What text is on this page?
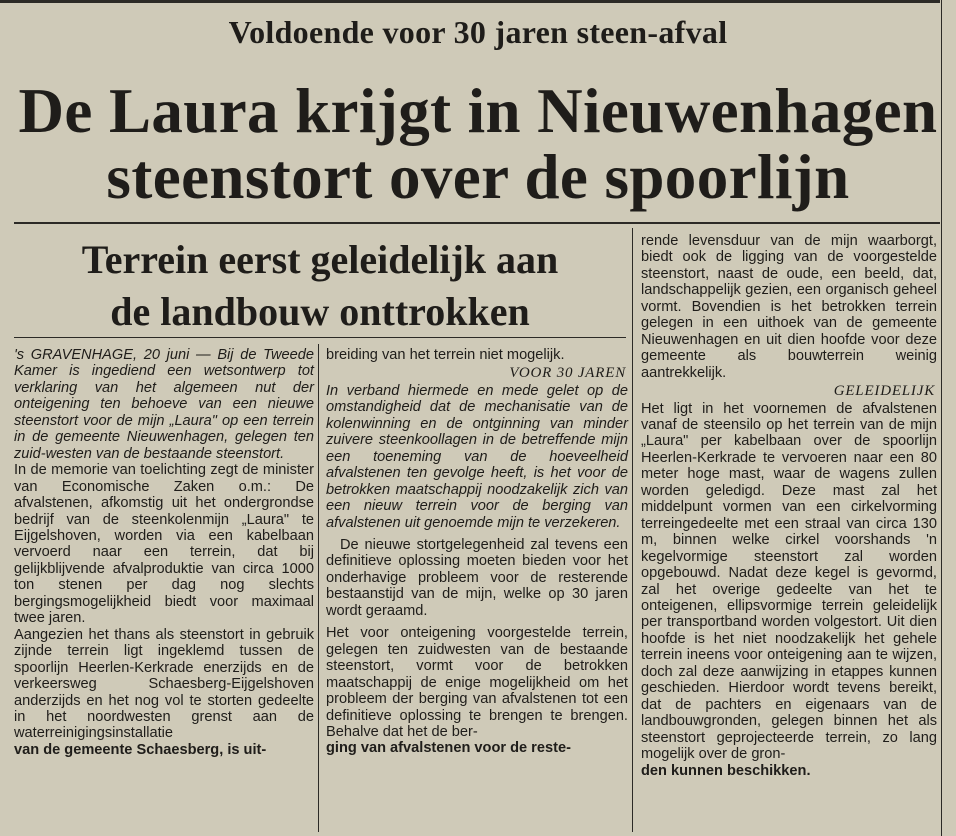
Voldoende voor 30 jaren steen-afval
De Laura krijgt in Nieuwenhagen
steenstort over de spoorlijn
Terrein eerst geleidelijk aan
de landbouw onttrokken

's GRAVENHAGE, 20 juni — Bij de Tweede Kamer is ingediend een wetsontwerp tot verklaring van het algemeen nut der onteigening ten behoeve van een nieuwe steenstort voor de mijn „Laura" op een terrein in de gemeente Nieuwenhagen, gelegen ten zuid-westen van de bestaande steenstort.

In de memorie van toelichting zegt de minister van Economische Zaken o.m.: De afvalstenen, afkomstig uit het ondergrondse bedrijf van de steenkolenmijn „Laura" te Eijgelshoven, worden via een kabelbaan vervoerd naar een terrein, dat bij gelijkblijvende afvalproduktie van circa 1000 ton stenen per dag nog slechts bergingsmogelijkheid biedt voor maximaal twee jaren.

Aangezien het thans als steenstort in gebruik zijnde terrein ligt ingeklemd tussen de spoorlijn Heerlen-Kerkrade enerzijds en de verkeersweg Schaesberg-Eijgelshoven anderzijds en het nog vol te storten gedeelte in het noordwesten grenst aan de waterreinigingsinstallatie

van de gemeente Schaesberg, is uit-

breiding van het terrein niet mogelijk.

VOOR 30 JAREN

In verband hiermede en mede gelet op de omstandigheid dat de mechanisatie van de kolenwinning en de ontginning van minder zuivere steenkoollagen in de betreffende mijn een toeneming van de hoeveelheid afvalstenen ten gevolge heeft, is het voor de betrokken maatschappij noodzakelijk zich van een nieuw terrein voor de berging van afvalstenen uit genoemde mijn te verzekeren.

De nieuwe stortgelegenheid zal tevens een definitieve oplossing moeten bieden voor het onderhavige probleem voor de resterende bestaanstijd van de mijn, welke op 30 jaren wordt geraamd.

Het voor onteigening voorgestelde terrein, gelegen ten zuidwesten van de bestaande steenstort, vormt voor de betrokken maatschappij de enige mogelijkheid om het probleem der berging van afvalstenen tot een definitieve oplossing te brengen te brengen. Behalve dat het de ber-

ging van afvalstenen voor de reste-

rende levensduur van de mijn waarborgt, biedt ook de ligging van de voorgestelde steenstort, naast de oude, een beeld, dat, landschappelijk gezien, een organisch geheel vormt. Bovendien is het betrokken terrein gelegen in een uithoek van de gemeente Nieuwenhagen en uit dien hoofde voor deze gemeente als bouwterrein weinig aantrekkelijk.

GELEIDELIJK

Het ligt in het voornemen de afvalstenen vanaf de steensilo op het terrein van de mijn „Laura" per kabelbaan over de spoorlijn Heerlen-Kerkrade te vervoeren naar een 80 meter hoge mast, waar de wagens zullen worden geledigd. Deze mast zal het middelpunt vormen van een cirkelvorming terreingedeelte met een straal van circa 130 m, binnen welke cirkel voorshands 'n kegelvormige steenstort zal worden opgebouwd. Nadat deze kegel is gevormd, zal het overige gedeelte van het te onteigenen, ellipsvormige terrein geleidelijk per transportband worden volgestort. Uit dien hoofde is het niet noodzakelijk het gehele terrein ineens voor onteigening aan te wijzen, doch zal deze aanwijzing in etappes kunnen geschieden. Hierdoor wordt tevens bereikt, dat de pachters en eigenaars van de landbouwgronden, gelegen binnen het als steenstort geprojecteerde terrein, zo lang mogelijk over de gron-

den kunnen beschikken.
